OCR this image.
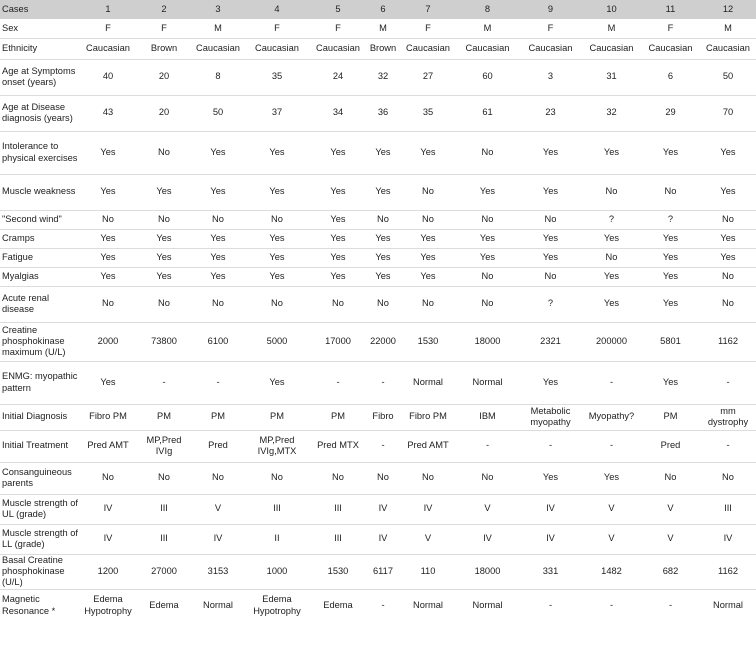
Cases	1	2	3	4	5	6	7	8	9	10	11	12
Sex	F	F	M	F	F	M	F	M	F	M	F	M
Ethnicity	Caucasian	Brown	Caucasian	Caucasian	Caucasian	Brown	Caucasian	Caucasian	Caucasian	Caucasian	Caucasian	Caucasian
Age at Symptoms onset (years)	40	20	8	35	24	32	27	60	3	31	6	50
Age at Disease diagnosis (years)	43	20	50	37	34	36	35	61	23	32	29	70
Intolerance to physical exercises	Yes	No	Yes	Yes	Yes	Yes	Yes	No	Yes	Yes	Yes	Yes
Muscle weakness	Yes	Yes	Yes	Yes	Yes	Yes	No	Yes	Yes	No	No	Yes
"Second wind"	No	No	No	No	Yes	No	No	No	No	?	?	No
Cramps	Yes	Yes	Yes	Yes	Yes	Yes	Yes	Yes	Yes	Yes	Yes	Yes
Fatigue	Yes	Yes	Yes	Yes	Yes	Yes	Yes	Yes	Yes	No	Yes	Yes
Myalgias	Yes	Yes	Yes	Yes	Yes	Yes	Yes	No	No	Yes	Yes	No
Acute renal disease	No	No	No	No	No	No	No	No	?	Yes	Yes	No
Creatine phosphokinase maximum (U/L)	2000	73800	6100	5000	17000	22000	1530	18000	2321	200000	5801	1162
ENMG: myopathic pattern	Yes	-	-	Yes	-	-	Normal	Normal	Yes	-	Yes	-
Initial Diagnosis	Fibro PM	PM	PM	PM	PM	Fibro	Fibro PM	IBM	Metabolic myopathy	Myopathy?	PM	mm dystrophy
Initial Treatment	Pred AMT	MP,Pred IVIg	Pred	MP,Pred IVIg,MTX	Pred MTX	-	Pred AMT	-	-	-	Pred	-
Consanguineous parents	No	No	No	No	No	No	No	No	Yes	Yes	No	No
Muscle strength of UL (grade)	IV	III	V	III	III	IV	IV	V	IV	V	V	III
Muscle strength of LL (grade)	IV	III	IV	II	III	IV	V	IV	IV	V	V	IV
Basal Creatine phosphokinase (U/L)	1200	27000	3153	1000	1530	6117	110	18000	331	1482	682	1162
Magnetic Resonance *	Edema Hypotrophy	Edema	Normal	Edema Hypotrophy	Edema	-	Normal	Normal	-	-	-	Normal
